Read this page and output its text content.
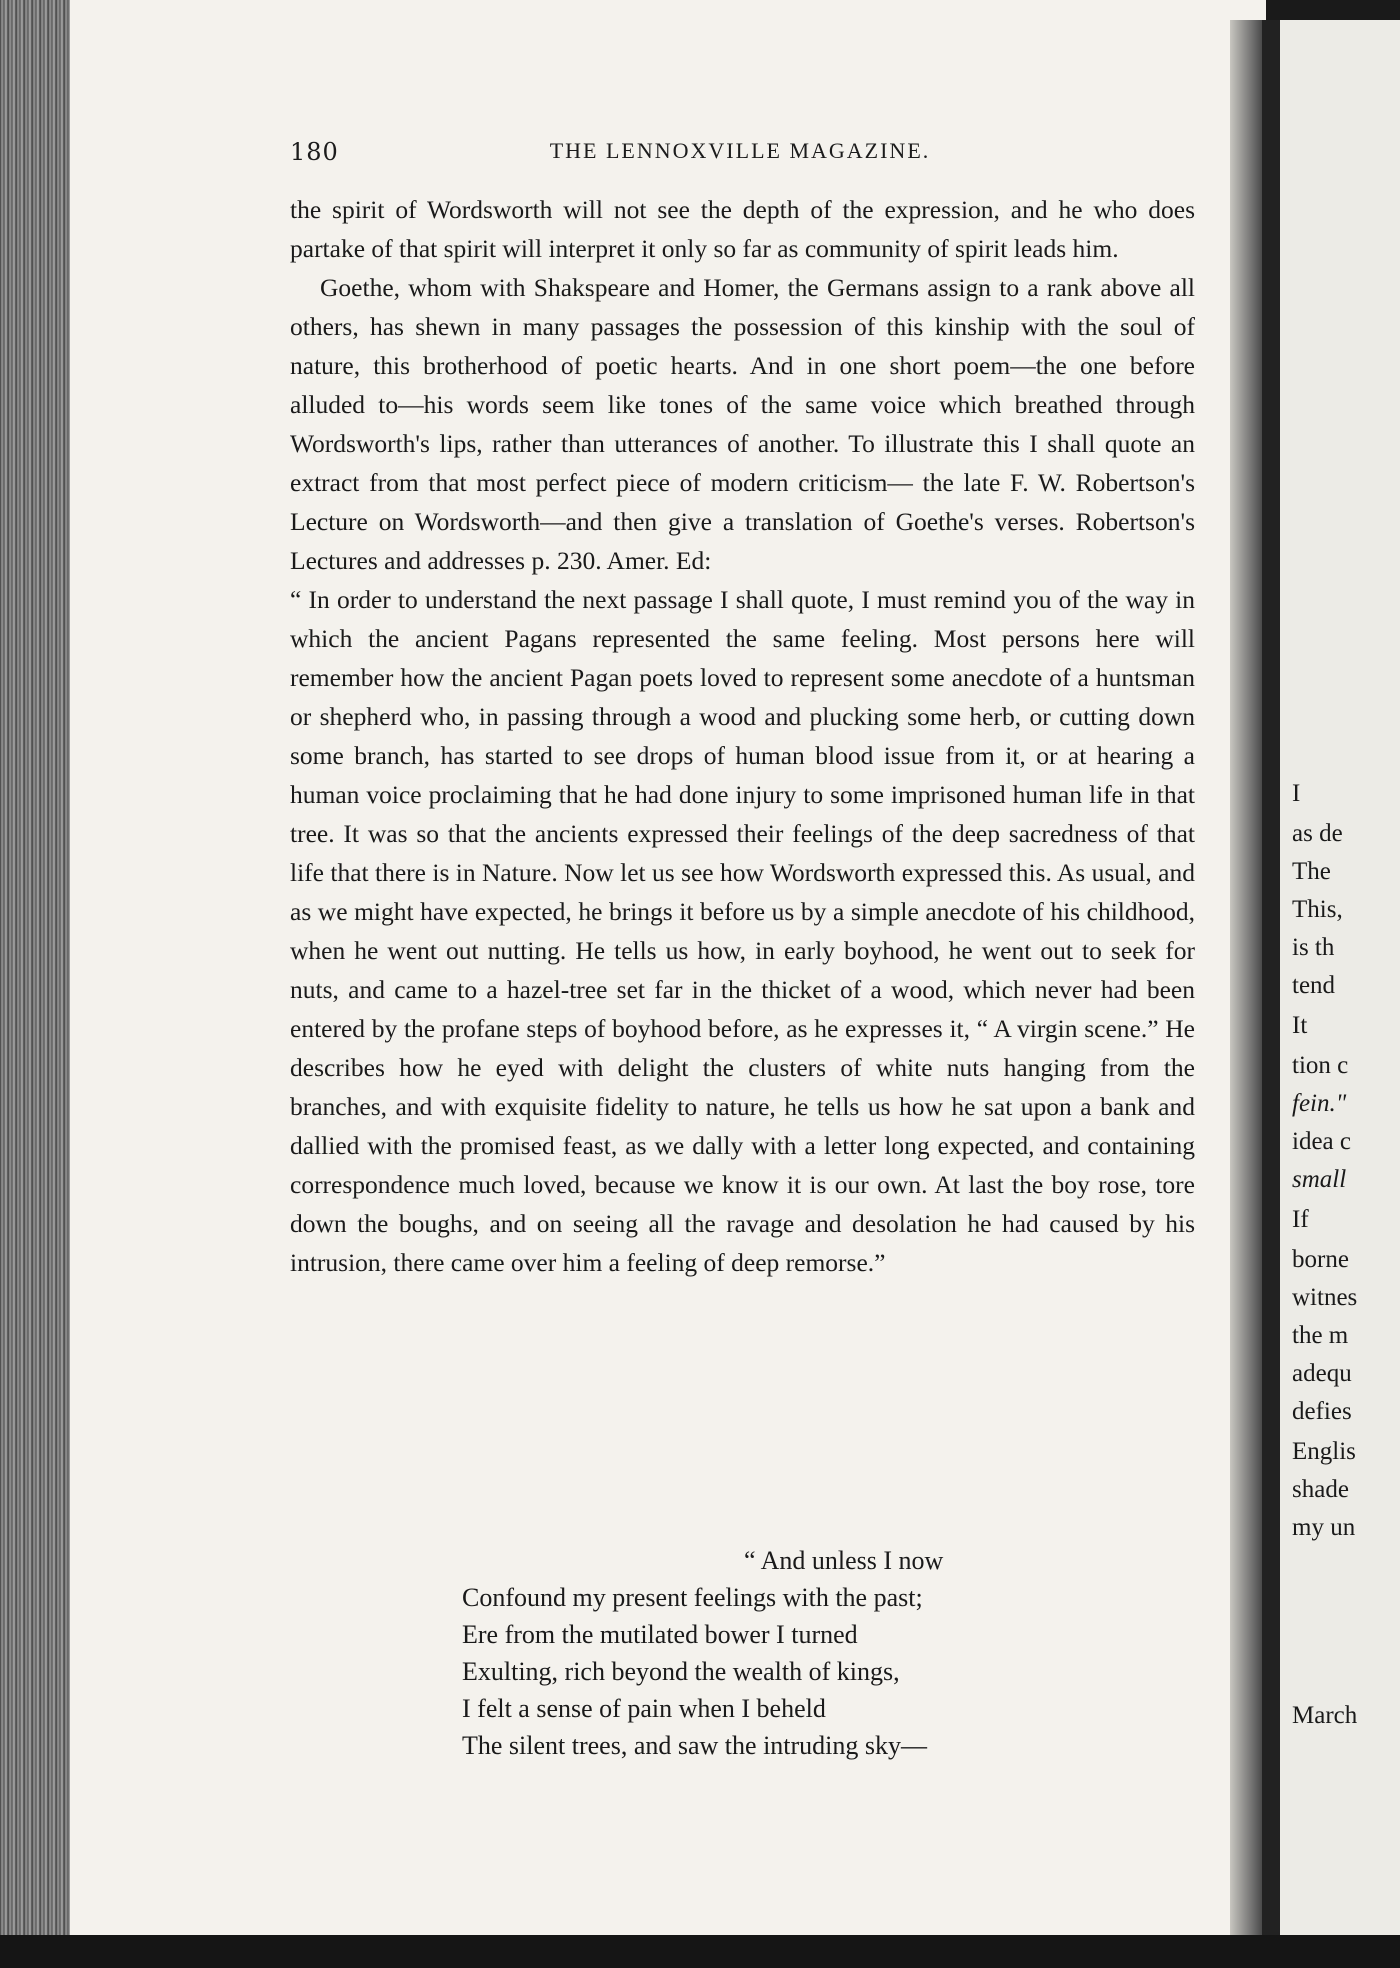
I
as de
The
This,
is th
tend
It
tion c
fein."
idea c
small
If
borne
witnes
the m
adequ
defies
Englis
shade
my un
March
180	THE LENNOXVILLE MAGAZINE.

the spirit of Wordsworth will not see the depth of the expression, and he who does partake of that spirit will interpret it only so far as community of spirit leads him.

Goethe, whom with Shakspeare and Homer, the Germans assign to a rank above all others, has shewn in many passages the possession of this kinship with the soul of nature, this brotherhood of poetic hearts. And in one short poem—the one before alluded to—his words seem like tones of the same voice which breathed through Wordsworth's lips, rather than utterances of another. To illustrate this I shall quote an extract from that most perfect piece of modern criticism— the late F. W. Robertson's Lecture on Wordsworth—and then give a translation of Goethe's verses. Robertson's Lectures and addresses p. 230. Amer. Ed:

“ In order to understand the next passage I shall quote, I must remind you of the way in which the ancient Pagans represented the same feeling. Most persons here will remember how the ancient Pagan poets loved to represent some anecdote of a huntsman or shepherd who, in passing through a wood and plucking some herb, or cutting down some branch, has started to see drops of human blood issue from it, or at hearing a human voice proclaiming that he had done injury to some imprisoned human life in that tree. It was so that the ancients expressed their feelings of the deep sacredness of that life that there is in Nature. Now let us see how Wordsworth expressed this. As usual, and as we might have expected, he brings it before us by a simple anecdote of his childhood, when he went out nutting. He tells us how, in early boyhood, he went out to seek for nuts, and came to a hazel-tree set far in the thicket of a wood, which never had been entered by the profane steps of boyhood before, as he expresses it, “ A virgin scene.” He describes how he eyed with delight the clusters of white nuts hanging from the branches, and with exquisite fidelity to nature, he tells us how he sat upon a bank and dallied with the promised feast, as we dally with a letter long expected, and containing correspondence much loved, because we know it is our own. At last the boy rose, tore down the boughs, and on seeing all the ravage and desolation he had caused by his intrusion, there came over him a feeling of deep remorse.”

“ And unless I now
Confound my present feelings with the past;
Ere from the mutilated bower I turned
Exulting, rich beyond the wealth of kings,
I felt a sense of pain when I beheld
The silent trees, and saw the intruding sky—
